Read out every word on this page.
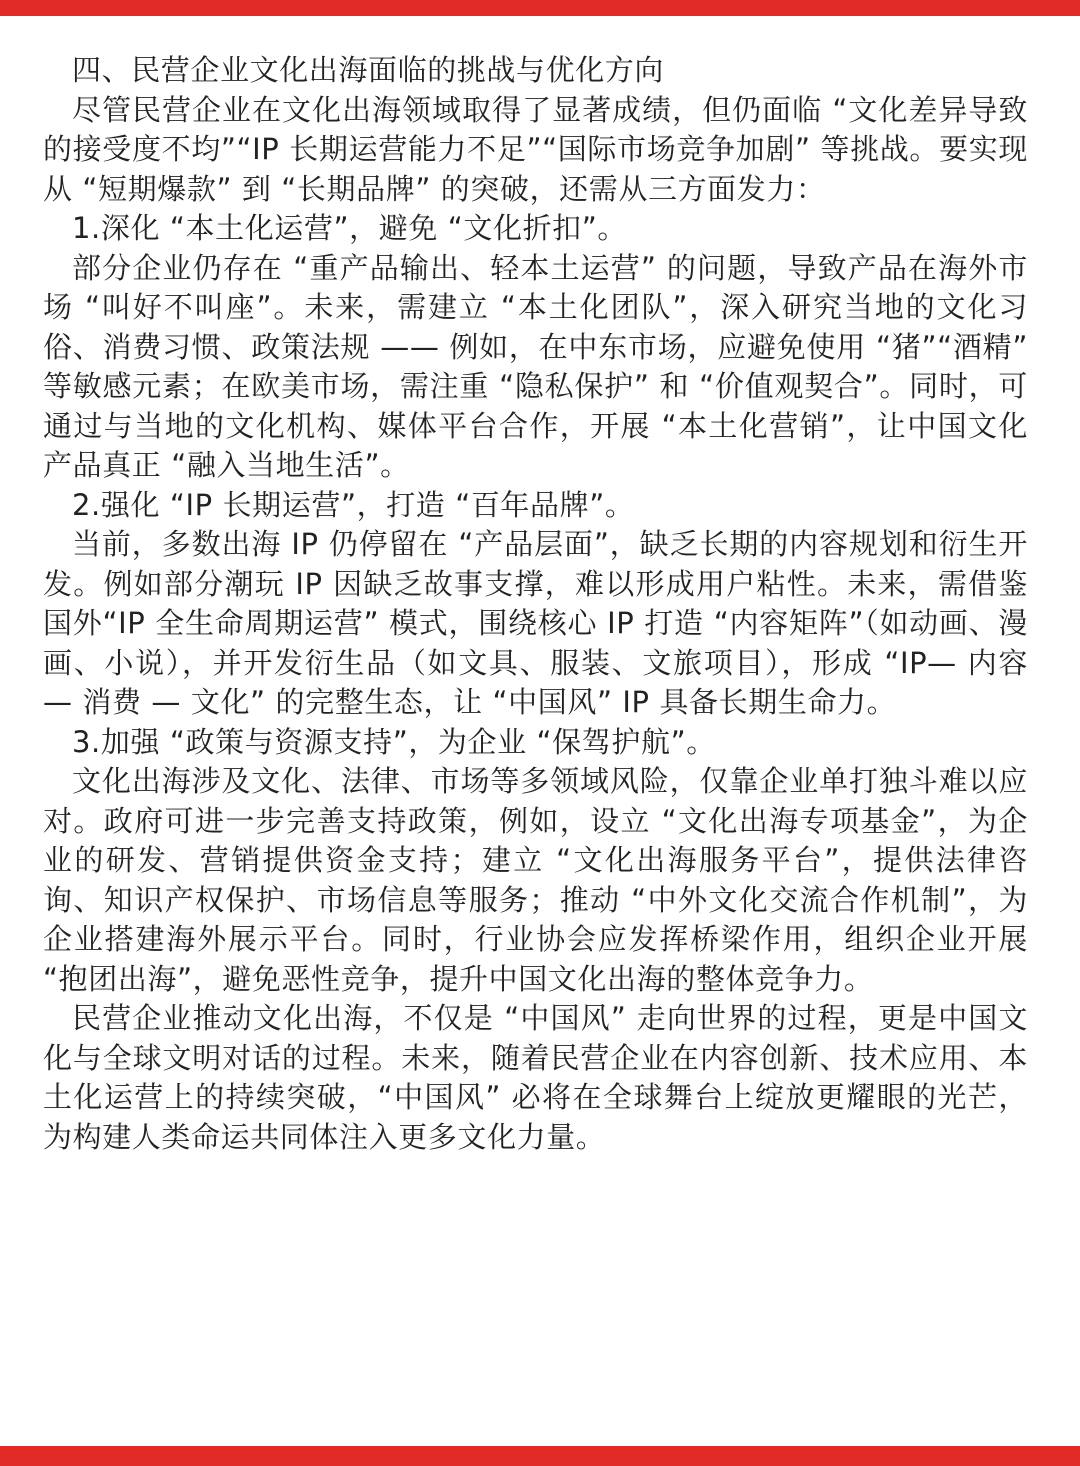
四、民营企业文化出海面临的挑战与优化方向

尽管民营企业在文化出海领域取得了显著成绩，但仍面临 “文化差异导致的接受度不均”“IP 长期运营能力不足”“国际市场竞争加剧” 等挑战。要实现从 “短期爆款” 到 “长期品牌” 的突破，还需从三方面发力：

1.深化 “本土化运营”，避免 “文化折扣”。

部分企业仍存在 “重产品输出、轻本土运营” 的问题，导致产品在海外市场 “叫好不叫座”。未来，需建立 “本土化团队”，深入研究当地的文化习俗、消费习惯、政策法规 —— 例如，在中东市场，应避免使用 “猪”“酒精” 等敏感元素；在欧美市场，需注重 “隐私保护” 和 “价值观契合”。同时，可通过与当地的文化机构、媒体平台合作，开展 “本土化营销”，让中国文化产品真正 “融入当地生活”。

2.强化 “IP 长期运营”，打造 “百年品牌”。

当前，多数出海 IP 仍停留在 “产品层面”，缺乏长期的内容规划和衍生开发。例如部分潮玩 IP 因缺乏故事支撑，难以形成用户粘性。未来，需借鉴国外“IP 全生命周期运营” 模式，围绕核心 IP 打造 “内容矩阵”（如动画、漫画、小说），并开发衍生品（如文具、服装、文旅项目），形成 “IP— 内容 — 消费 — 文化” 的完整生态，让 “中国风” IP 具备长期生命力。

3.加强 “政策与资源支持”，为企业 “保驾护航”。

文化出海涉及文化、法律、市场等多领域风险，仅靠企业单打独斗难以应对。政府可进一步完善支持政策，例如，设立 “文化出海专项基金”，为企业的研发、营销提供资金支持；建立 “文化出海服务平台”，提供法律咨询、知识产权保护、市场信息等服务；推动 “中外文化交流合作机制”，为企业搭建海外展示平台。同时，行业协会应发挥桥梁作用，组织企业开展 “抱团出海”，避免恶性竞争，提升中国文化出海的整体竞争力。

民营企业推动文化出海，不仅是 “中国风” 走向世界的过程，更是中国文化与全球文明对话的过程。未来，随着民营企业在内容创新、技术应用、本土化运营上的持续突破，“中国风” 必将在全球舞台上绽放更耀眼的光芒，为构建人类命运共同体注入更多文化力量。
